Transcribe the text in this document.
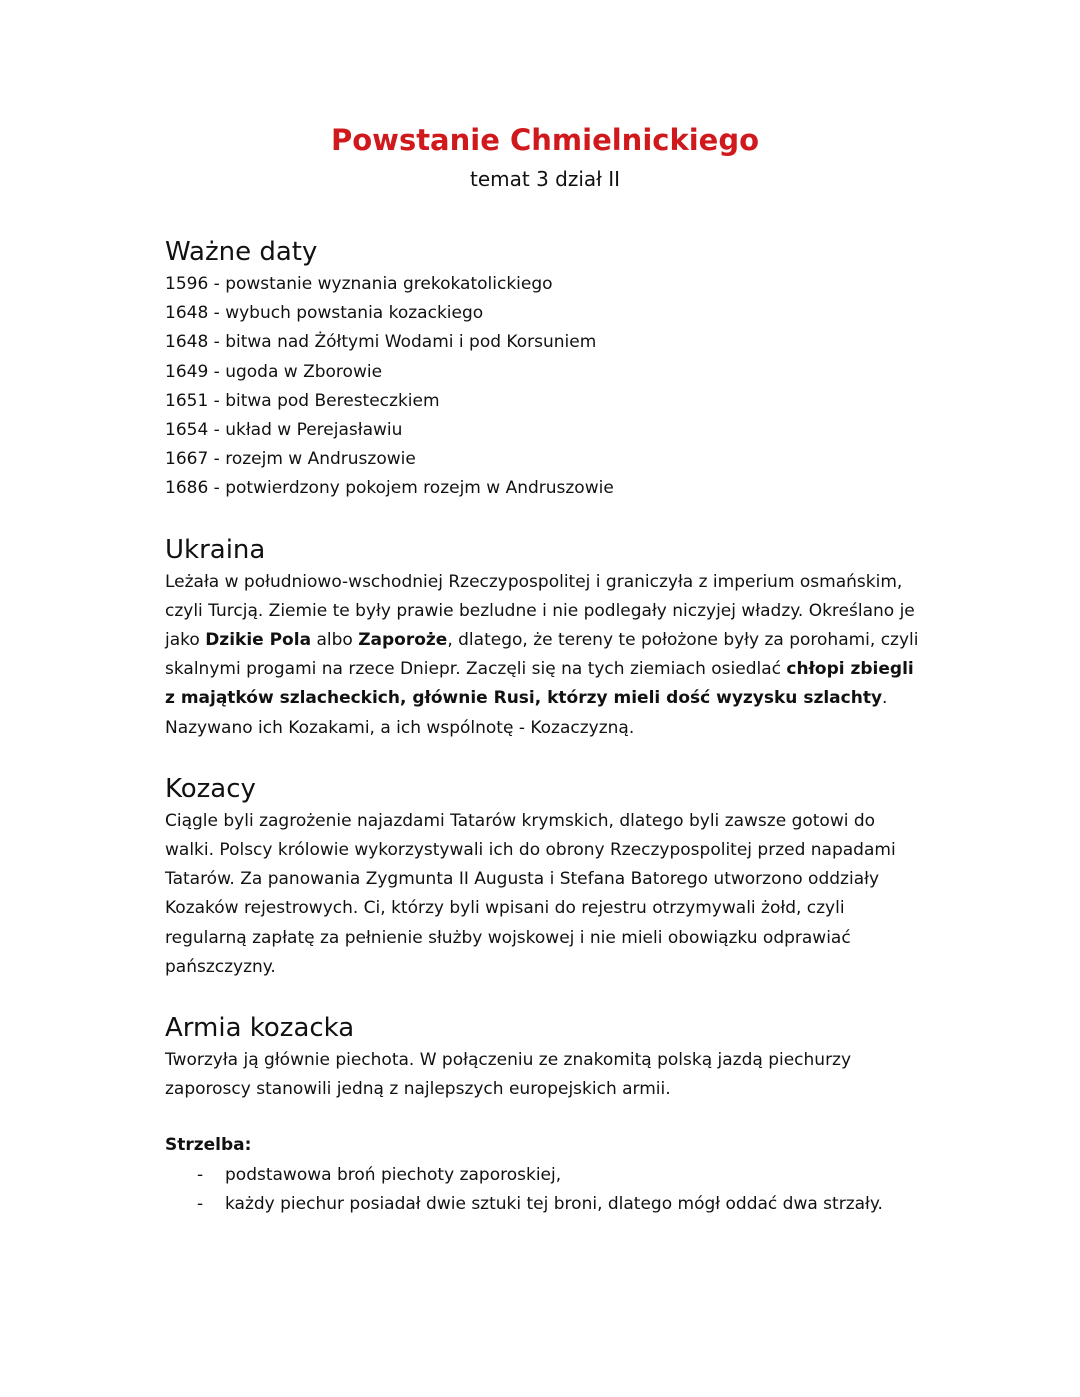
Powstanie Chmielnickiego
temat 3 dział II
Ważne daty
1596 - powstanie wyznania grekokatolickiego
1648 - wybuch powstania kozackiego
1648 - bitwa nad Żółtymi Wodami i pod Korsuniem
1649 - ugoda w Zborowie
1651 - bitwa pod Beresteczkiem
1654 - układ w Perejasławiu
1667 - rozejm w Andruszowie
1686 - potwierdzony pokojem rozejm w Andruszowie
Ukraina

Leżała w południowo-wschodniej Rzeczypospolitej i graniczyła z imperium osmańskim, czyli Turcją. Ziemie te były prawie bezludne i nie podlegały niczyjej władzy. Określano je jako Dzikie Pola albo Zaporoże, dlatego, że tereny te położone były za porohami, czyli skalnymi progami na rzece Dniepr. Zaczęli się na tych ziemiach osiedlać chłopi zbiegli z majątków szlacheckich, głównie Rusi, którzy mieli dość wyzysku szlachty. Nazywano ich Kozakami, a ich wspólnotę - Kozaczyzną.

Kozacy

Ciągle byli zagrożenie najazdami Tatarów krymskich, dlatego byli zawsze gotowi do walki. Polscy królowie wykorzystywali ich do obrony Rzeczypospolitej przed napadami Tatarów. Za panowania Zygmunta II Augusta i Stefana Batorego utworzono oddziały Kozaków rejestrowych. Ci, którzy byli wpisani do rejestru otrzymywali żołd, czyli regularną zapłatę za pełnienie służby wojskowej i nie mieli obowiązku odprawiać pańszczyzny.

Armia kozacka

Tworzyła ją głównie piechota. W połączeniu ze znakomitą polską jazdą piechurzy zaporoscy stanowili jedną z najlepszych europejskich armii.

Strzelba:
- podstawowa broń piechoty zaporoskiej,
- każdy piechur posiadał dwie sztuki tej broni, dlatego mógł oddać dwa strzały.
